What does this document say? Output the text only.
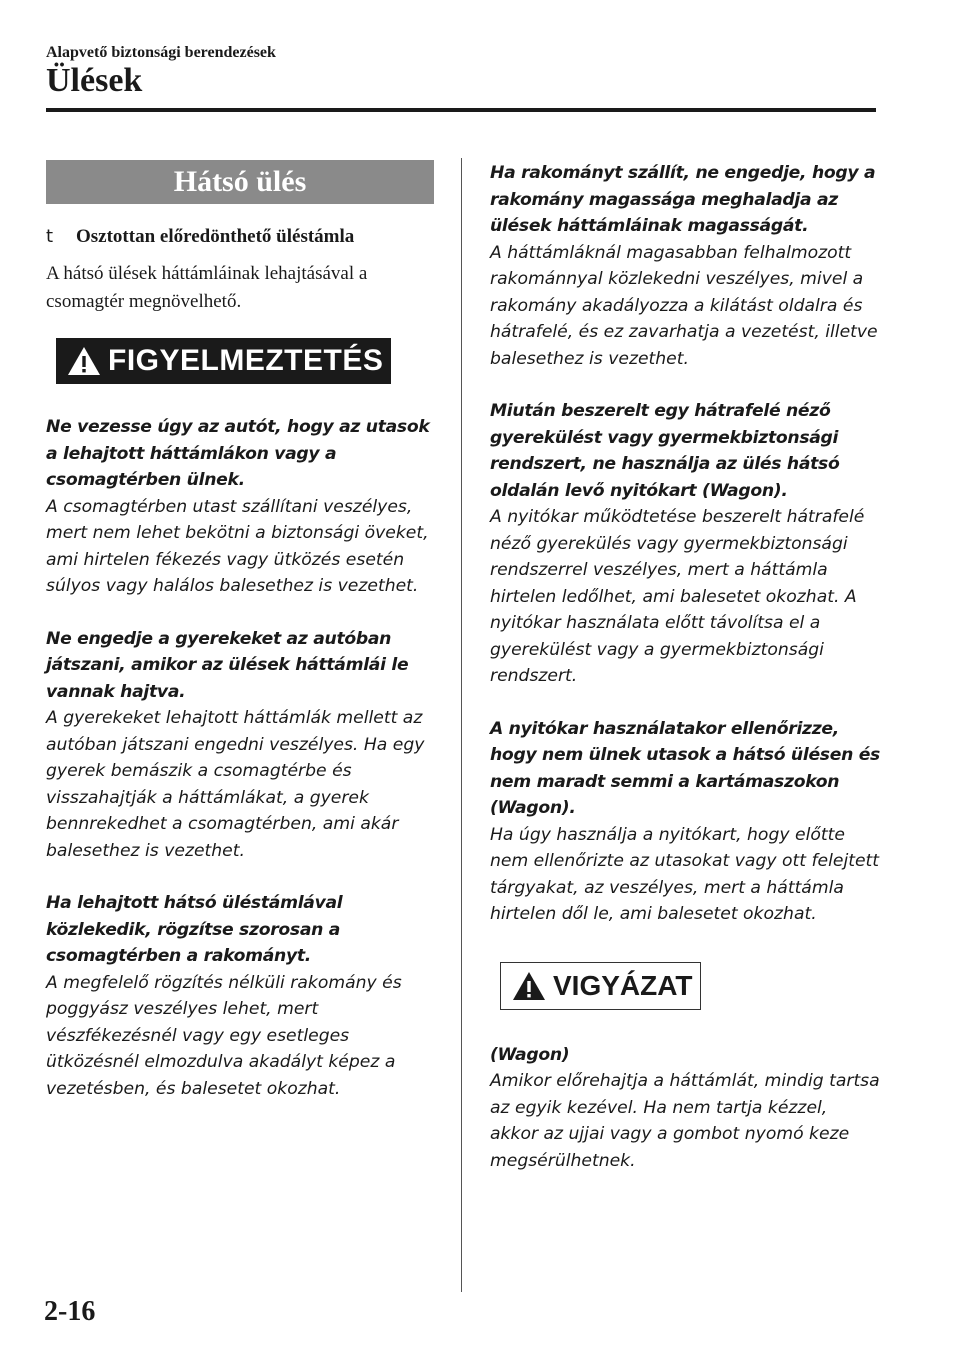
Alapvető biztonsági berendezések
Ülések
Hátsó ülés
t	Osztottan előredönthető üléstámla
A hátsó ülések háttámláinak lehajtásával a csomagtér megnövelhető.
FIGYELMEZTETÉS
Ne vezesse úgy az autót, hogy az utasok a lehajtott háttámlákon vagy a csomagtérben ülnek.
A csomagtérben utast szállítani veszélyes, mert nem lehet bekötni a biztonsági öveket, ami hirtelen fékezés vagy ütközés esetén súlyos vagy halálos balesethez is vezethet.
Ne engedje a gyerekeket az autóban játszani, amikor az ülések háttámlái le vannak hajtva.
A gyerekeket lehajtott háttámlák mellett az autóban játszani engedni veszélyes. Ha egy gyerek bemászik a csomagtérbe és visszahajtják a háttámlákat, a gyerek bennrekedhet a csomagtérben, ami akár balesethez is vezethet.
Ha lehajtott hátsó üléstámlával közlekedik, rögzítse szorosan a csomagtérben a rakományt.
A megfelelő rögzítés nélküli rakomány és poggyász veszélyes lehet, mert vészfékezésnél vagy egy esetleges ütközésnél elmozdulva akadályt képez a vezetésben, és balesetet okozhat.
Ha rakományt szállít, ne engedje, hogy a rakomány magassága meghaladja az ülések háttámláinak magasságát.
A háttámláknál magasabban felhalmozott rakománnyal közlekedni veszélyes, mivel a rakomány akadályozza a kilátást oldalra és hátrafelé, és ez zavarhatja a vezetést, illetve balesethez is vezethet.
Miután beszerelt egy hátrafelé néző gyerekülést vagy gyermekbiztonsági rendszert, ne használja az ülés hátsó oldalán levő nyitókart (Wagon).
A nyitókar működtetése beszerelt hátrafelé néző gyerekülés vagy gyermekbiztonsági rendszerrel veszélyes, mert a háttámla hirtelen ledőlhet, ami balesetet okozhat. A nyitókar használata előtt távolítsa el a gyerekülést vagy a gyermekbiztonsági rendszert.
A nyitókar használatakor ellenőrizze, hogy nem ülnek utasok a hátsó ülésen és nem maradt semmi a kartámaszokon (Wagon).
Ha úgy használja a nyitókart, hogy előtte nem ellenőrizte az utasokat vagy ott felejtett tárgyakat, az veszélyes, mert a háttámla hirtelen dől le, ami balesetet okozhat.
VIGYÁZAT
(Wagon)
Amikor előrehajtja a háttámlát, mindig tartsa az egyik kezével. Ha nem tartja kézzel, akkor az ujjai vagy a gombot nyomó keze megsérülhetnek.
2-16
